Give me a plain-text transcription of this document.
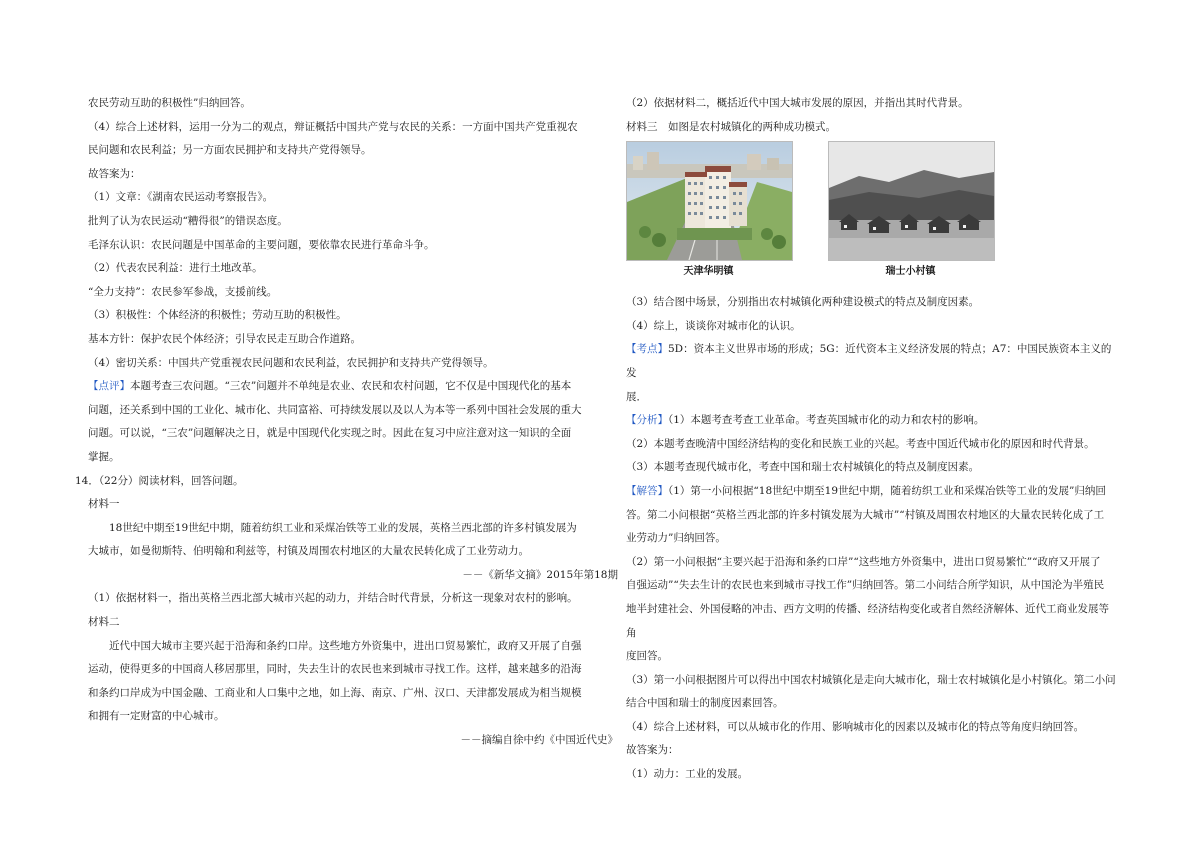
农民劳动互助的积极性”归纳回答。

（4）综合上述材料，运用一分为二的观点，辩证概括中国共产党与农民的关系：一方面中国共产党重视农

民问题和农民利益；另一方面农民拥护和支持共产党得领导。

故答案为：

（1）文章：《湖南农民运动考察报告》。

批判了认为农民运动“糟得很”的错误态度。

毛泽东认识：农民问题是中国革命的主要问题，要依靠农民进行革命斗争。

（2）代表农民利益：进行土地改革。

“全力支持”：农民参军参战，支援前线。

（3）积极性：个体经济的积极性；劳动互助的积极性。

基本方针：保护农民个体经济；引导农民走互助合作道路。

（4）密切关系：中国共产党重视农民问题和农民利益，农民拥护和支持共产党得领导。

【点评】本题考查三农问题。“三农”问题并不单纯是农业、农民和农村问题，它不仅是中国现代化的基本

问题，还关系到中国的工业化、城市化、共同富裕、可持续发展以及以人为本等一系列中国社会发展的重大

问题。可以说，“三农”问题解决之日，就是中国现代化实现之时。因此在复习中应注意对这一知识的全面

掌握。

14．（22分）阅读材料，回答问题。

材料一

18世纪中期至19世纪中期，随着纺织工业和采煤冶铁等工业的发展，英格兰西北部的许多村镇发展为

大城市，如曼彻斯特、伯明翰和利兹等，村镇及周围农村地区的大量农民转化成了工业劳动力。

－－《新华文摘》2015年第18期

（1）依据材料一，指出英格兰西北部大城市兴起的动力，并结合时代背景，分析这一现象对农村的影响。

材料二

近代中国大城市主要兴起于沿海和条约口岸。这些地方外资集中，进出口贸易繁忙，政府又开展了自强

运动，使得更多的中国商人移居那里，同时，失去生计的农民也来到城市寻找工作。这样，越来越多的沿海

和条约口岸成为中国金融、工商业和人口集中之地，如上海、南京、广州、汉口、天津都发展成为相当规模

和拥有一定财富的中心城市。

－－摘编自徐中约《中国近代史》

（2）依据材料二，概括近代中国大城市发展的原因，并指出其时代背景。

材料三　如图是农村城镇化的两种成功模式。

天津华明镇	瑞士小村镇

（3）结合图中场景，分别指出农村城镇化两种建设模式的特点及制度因素。

（4）综上，谈谈你对城市化的认识。

【考点】5D：资本主义世界市场的形成；5G：近代资本主义经济发展的特点；A7：中国民族资本主义的发

展．

【分析】（1）本题考查考查工业革命。考查英国城市化的动力和农村的影响。

（2）本题考查晚清中国经济结构的变化和民族工业的兴起。考查中国近代城市化的原因和时代背景。

（3）本题考查现代城市化，考查中国和瑞士农村城镇化的特点及制度因素。

【解答】（1）第一小问根据“18世纪中期至19世纪中期，随着纺织工业和采煤冶铁等工业的发展”归纳回

答。第二小问根据“英格兰西北部的许多村镇发展为大城市”“村镇及周围农村地区的大量农民转化成了工

业劳动力”归纳回答。

（2）第一小问根据“主要兴起于沿海和条约口岸”“这些地方外资集中，进出口贸易繁忙”“政府又开展了

自强运动”“失去生计的农民也来到城市寻找工作”归纳回答。第二小问结合所学知识，从中国沦为半殖民

地半封建社会、外国侵略的冲击、西方文明的传播、经济结构变化或者自然经济解体、近代工商业发展等角

度回答。

（3）第一小问根据图片可以得出中国农村城镇化是走向大城市化，瑞士农村城镇化是小村镇化。第二小问

结合中国和瑞士的制度因素回答。

（4）综合上述材料，可以从城市化的作用、影响城市化的因素以及城市化的特点等角度归纳回答。

故答案为：

（1）动力：工业的发展。
